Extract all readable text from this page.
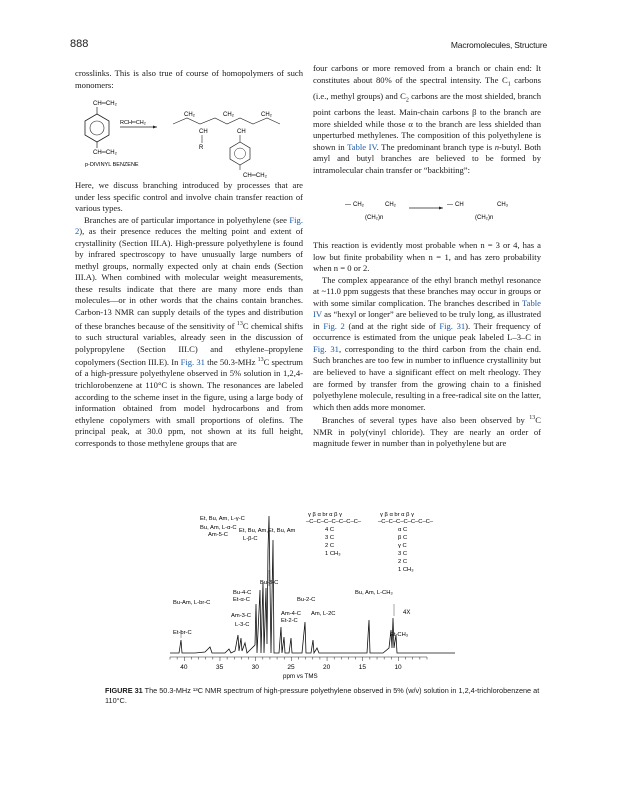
888	Macromolecules, Structure

crosslinks. This is also true of course of homopolymers of such monomers:

CH═CH₂
CH═CH₂
p-DIVINYL BENZENE
RCH═CH₂
CH₂	CH₂	CH₂
CH	CH
R
CH═CH₂

Here, we discuss branching introduced by processes that are under less specific control and involve chain transfer reaction of various types.

Branches are of particular importance in polyethylene (see Fig. 2), as their presence reduces the melting point and extent of crystallinity (Section III.A). High-pressure polyethylene is found by infrared spectroscopy to have unusually large numbers of methyl groups, normally expected only at chain ends (Section III.A). When combined with molecular weight measurements, these results indicate that there are many more ends than molecules—or in other words that the chains contain branches. Carbon-13 NMR can supply details of the types and distribution of these branches because of the sensitivity of $^{13}$C chemical shifts to such structural variables, already seen in the discussion of polypropylene (Section III.C) and ethylene–propylene copolymers (Section III.E). In Fig. 31 the 50.3-MHz $^{13}$C spectrum of a high-pressure polyethylene observed in 5% solution in 1,2,4-trichlorobenzene at 110°C is shown. The resonances are labeled according to the scheme inset in the figure, using a large body of information obtained from model hydrocarbons and from ethylene copolymers with small proportions of olefins. The principal peak, at 30.0 ppm, not shown at its full height, corresponds to those methylene groups that are

four carbons or more removed from a branch or chain end: It constitutes about 80% of the spectral intensity. The $C_1$ carbons (i.e., methyl groups) and $C_2$ carbons are the most shielded, branch point carbons the least. Main-chain carbons β to the branch are more shielded while those α to the branch are less shielded than unperturbed methylenes. The composition of this polyethylene is shown in Table IV. The predominant branch type is n-butyl. Both amyl and butyl branches are believed to be formed by intramolecular chain transfer or “backbiting”:

— CH₂	CH₂
(CH₂)n
— CH	CH₃
(CH₂)n

This reaction is evidently most probable when n = 3 or 4, has a low but finite probability when n = 1, and has zero probability when n = 0 or 2.

The complex appearance of the ethyl branch methyl resonance at ~11.0 ppm suggests that these branches may occur in groups or with some similar complication. The branches described in Table IV as “hexyl or longer” are believed to be truly long, as illustrated in Fig. 2 (and at the right side of Fig. 31). Their frequency of occurrence is estimated from the unique peak labeled L–3–C in Fig. 31, corresponding to the third carbon from the chain end. Such branches are too few in number to influence crystallinity but are believed to have a significant effect on melt rheology. They are formed by transfer from the growing chain to a finished polyethylene molecule, resulting in a free-radical site on the latter, which then adds more monomer.

Branches of several types have also been observed by $^{13}$C NMR in poly(vinyl chloride). They are nearly an order of magnitude fewer in number than in polyethylene but are

Et, Bu, Am, L-γ-C
Bu, Am, L-α-C
Am-5-C
Et, Bu, Am,
L-β-C
Et, Bu, Am
Bu-3-C
Bu-4-C
Et-α-C
Bu-Am, L-br-C
Am-3-C
L-3-C
Bu-2-C
Am-4-C Am, L-2C
Et-2-C
Bu, Am, L-CH₃
4X
Et-br-C	Et-CH₃
γ β α br α β γ
–C–C–C–C–C–C–C–
4 C
3 C
2 C
1 CH₃
γ β α br α β γ
–C–C–C–C–C–C–C–
α C
β C
γ C
3 C
2 C
1 CH₃
40	35	30	25	20	15	10
ppm vs TMS
FIGURE 31 The 50.3-MHz ¹³C NMR spectrum of high-pressure polyethylene observed in 5% (w/v) solution in 1,2,4-trichlorobenzene at 110°C.
